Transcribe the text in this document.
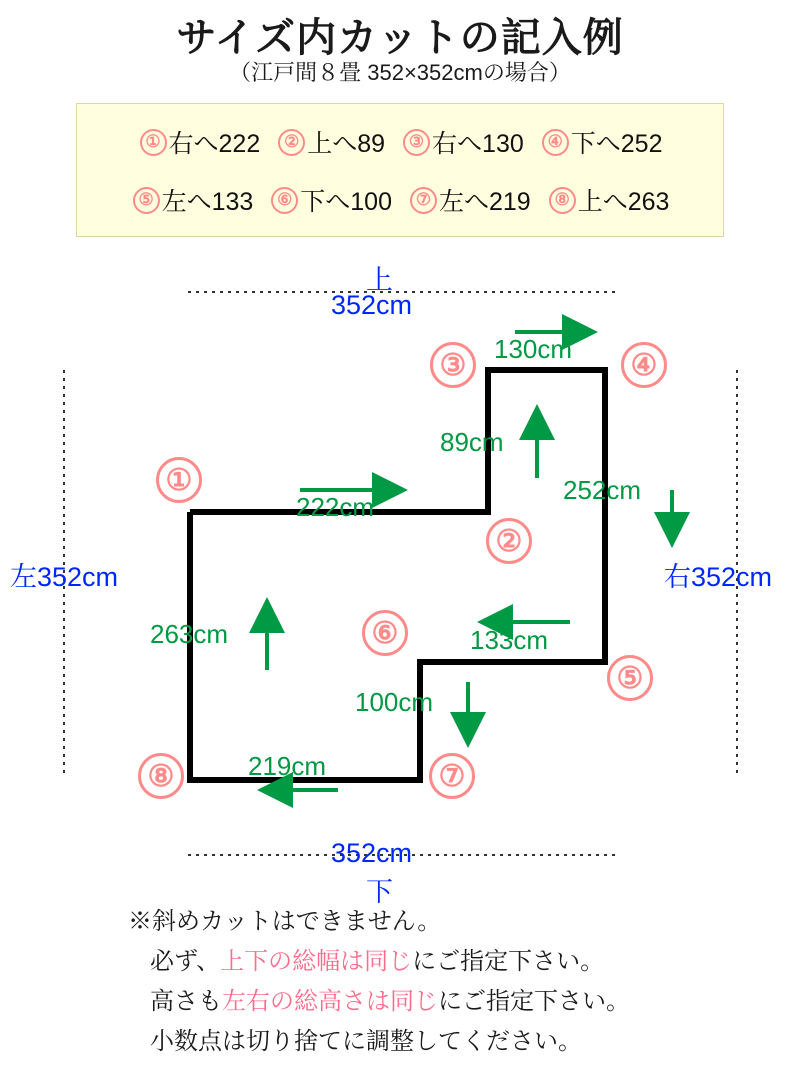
サイズ内カットの記入例
（江戸間８畳 352×352cmの場合）
① 右へ222	② 上へ89	③ 右へ130	④ 下へ252
⑤ 左へ133	⑥ 下へ100	⑦ 左へ219	⑧ 上へ263
上
352cm
352cm
下
左352cm	右352cm
222cm
89cm
130cm
252cm
133cm
100cm
219cm
263cm
①
②
③	④
⑤
⑥
⑦
⑧
※斜めカットはできません。
必ず、上下の総幅は同じにご指定下さい。
高さも左右の総高さは同じにご指定下さい。
小数点は切り捨てに調整してください。
